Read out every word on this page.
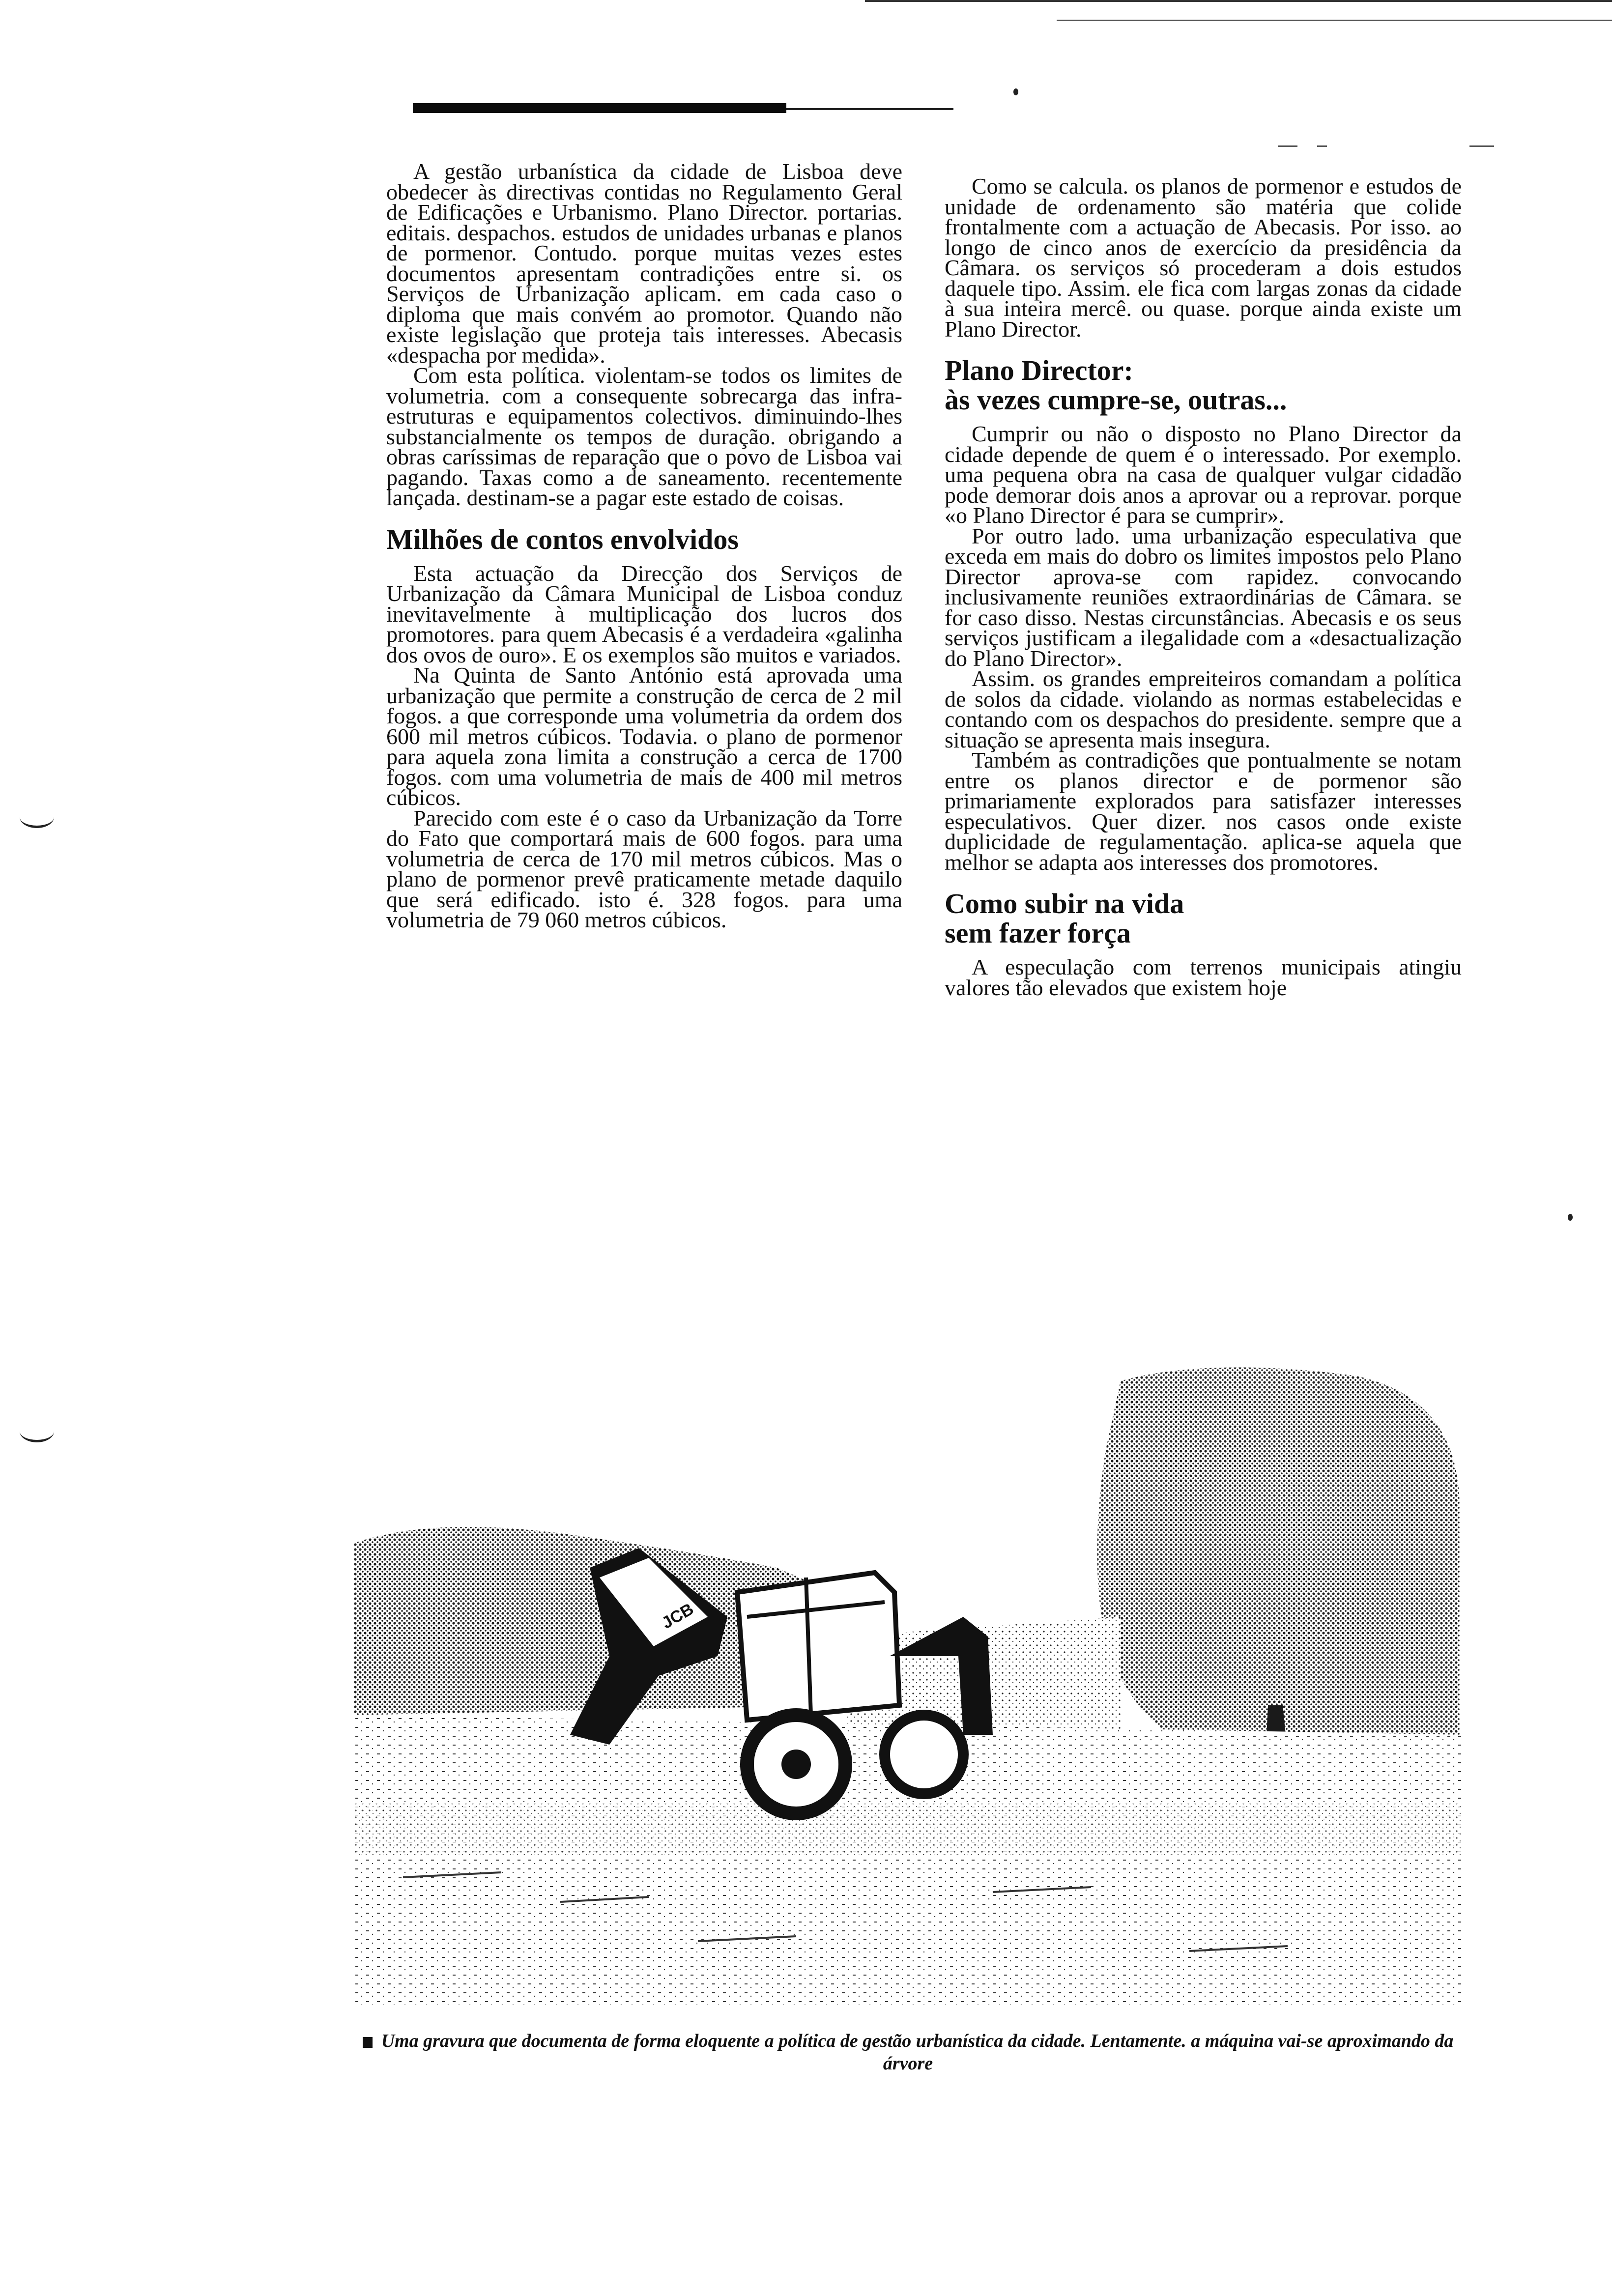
A gestão urbanística da cidade de Lisboa deve obedecer às directivas contidas no Regulamento Geral de Edificações e Urbanismo. Plano Director. portarias. editais. despachos. estudos de unidades urbanas e planos de pormenor. Contudo. porque muitas vezes estes documentos apresentam contradições entre si. os Serviços de Urbanização aplicam. em cada caso o diploma que mais convém ao promotor. Quando não existe legislação que proteja tais interesses. Abecasis «despacha por medida».

Com esta política. violentam-se todos os limites de volumetria. com a consequente sobrecarga das infra-estruturas e equipamentos colectivos. diminuindo-lhes substancialmente os tempos de duração. obrigando a obras caríssimas de reparação que o povo de Lisboa vai pagando. Taxas como a de saneamento. recentemente lançada. destinam-se a pagar este estado de coisas.

Milhões de contos envolvidos

Esta actuação da Direcção dos Serviços de Urbanização da Câmara Municipal de Lisboa conduz inevitavelmente à multiplicação dos lucros dos promotores. para quem Abecasis é a verdadeira «galinha dos ovos de ouro». E os exemplos são muitos e variados.

Na Quinta de Santo António está aprovada uma urbanização que permite a construção de cerca de 2 mil fogos. a que corresponde uma volumetria da ordem dos 600 mil metros cúbicos. Todavia. o plano de pormenor para aquela zona limita a construção a cerca de 1700 fogos. com uma volumetria de mais de 400 mil metros cúbicos.

Parecido com este é o caso da Urbanização da Torre do Fato que comportará mais de 600 fogos. para uma volumetria de cerca de 170 mil metros cúbicos. Mas o plano de pormenor prevê praticamente metade daquilo que será edificado. isto é. 328 fogos. para uma volumetria de 79 060 metros cúbicos.

Como se calcula. os planos de pormenor e estudos de unidade de ordenamento são matéria que colide frontalmente com a actuação de Abecasis. Por isso. ao longo de cinco anos de exercício da presidência da Câmara. os serviços só procederam a dois estudos daquele tipo. Assim. ele fica com largas zonas da cidade à sua inteira mercê. ou quase. porque ainda existe um Plano Director.

Plano Director:
às vezes cumpre-se, outras...

Cumprir ou não o disposto no Plano Director da cidade depende de quem é o interessado. Por exemplo. uma pequena obra na casa de qualquer vulgar cidadão pode demorar dois anos a aprovar ou a reprovar. porque «o Plano Director é para se cumprir».

Por outro lado. uma urbanização especulativa que exceda em mais do dobro os limites impostos pelo Plano Director aprova-se com rapidez. convocando inclusivamente reuniões extraordinárias de Câmara. se for caso disso. Nestas circunstâncias. Abecasis e os seus serviços justificam a ilegalidade com a «desactualização do Plano Director».

Assim. os grandes empreiteiros comandam a política de solos da cidade. violando as normas estabelecidas e contando com os despachos do presidente. sempre que a situação se apresenta mais insegura.

Também as contradições que pontualmente se notam entre os planos director e de pormenor são primariamente explorados para satisfazer interesses especulativos. Quer dizer. nos casos onde existe duplicidade de regulamentação. aplica-se aquela que melhor se adapta aos interesses dos promotores.

Como subir na vida
sem fazer força

A especulação com terrenos municipais atingiu valores tão elevados que existem hoje

JCB
Uma gravura que documenta de forma eloquente a política de gestão urbanística da cidade. Lentamente. a máquina vai-se aproximando da árvore
